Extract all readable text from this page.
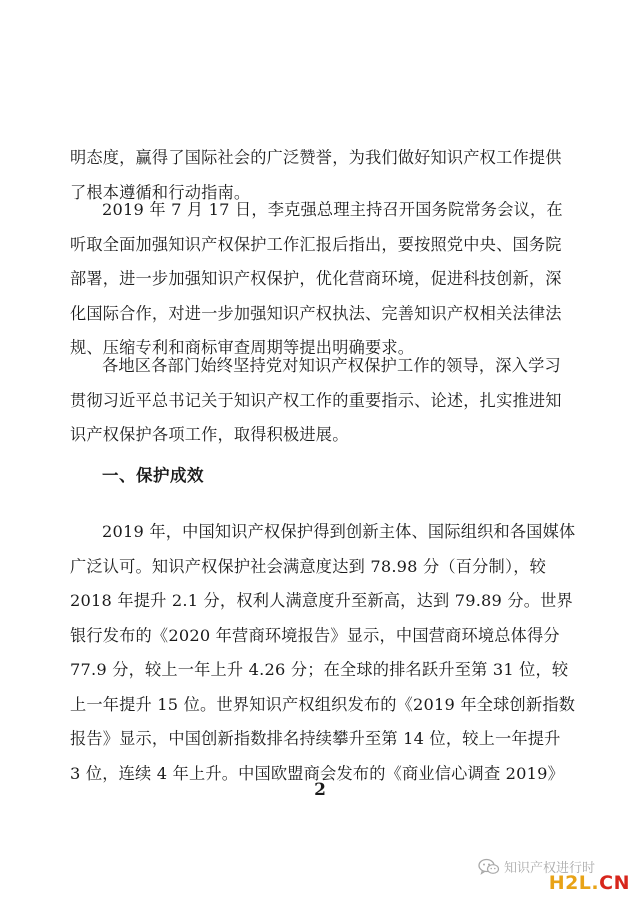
明态度，赢得了国际社会的广泛赞誉，为我们做好知识产权工作提供了根本遵循和行动指南。

2019 年 7 月 17 日，李克强总理主持召开国务院常务会议，在听取全面加强知识产权保护工作汇报后指出，要按照党中央、国务院部署，进一步加强知识产权保护，优化营商环境，促进科技创新，深化国际合作，对进一步加强知识产权执法、完善知识产权相关法律法规、压缩专利和商标审查周期等提出明确要求。

各地区各部门始终坚持党对知识产权保护工作的领导，深入学习贯彻习近平总书记关于知识产权工作的重要指示、论述，扎实推进知识产权保护各项工作，取得积极进展。

一、保护成效

2019 年，中国知识产权保护得到创新主体、国际组织和各国媒体广泛认可。知识产权保护社会满意度达到 78.98 分（百分制），较 2018 年提升 2.1 分，权利人满意度升至新高，达到 79.89 分。世界银行发布的《2020 年营商环境报告》显示，中国营商环境总体得分 77.9 分，较上一年上升 4.26 分；在全球的排名跃升至第 31 位，较上一年提升 15 位。世界知识产权组织发布的《2019 年全球创新指数报告》显示，中国创新指数排名持续攀升至第 14 位，较上一年提升 3 位，连续 4 年上升。中国欧盟商会发布的《商业信心调查 2019》

2
知识产权进行时
H2L.CN
